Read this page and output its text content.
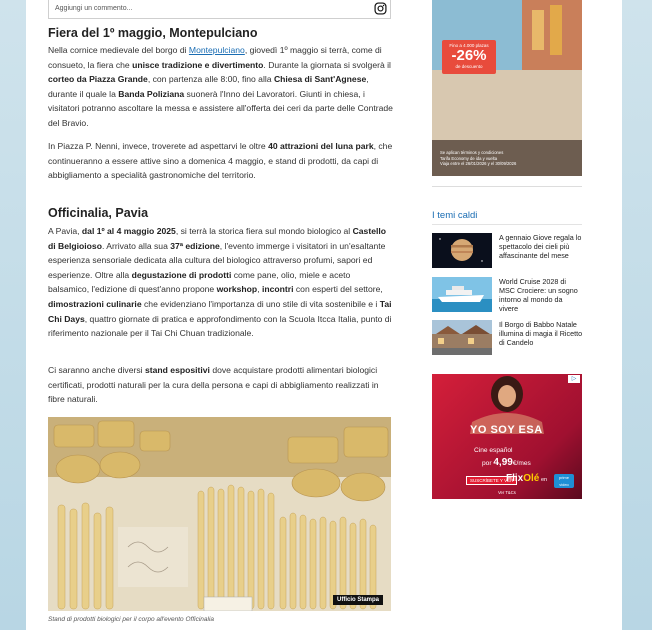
Aggiungi un commento...
Fiera del 1º maggio, Montepulciano

Nella cornice medievale del borgo di Montepulciano, giovedì 1º maggio si terrà, come di consueto, la fiera che unisce tradizione e divertimento. Durante la giornata si svolgerà il corteo da Piazza Grande, con partenza alle 8:00, fino alla Chiesa di Sant'Agnese, durante il quale la Banda Poliziana suonerà l'Inno dei Lavoratori. Giunti in chiesa, i visitatori potranno ascoltare la messa e assistere all'offerta dei ceri da parte delle Contrade del Bravio.

In Piazza P. Nenni, invece, troverete ad aspettarvi le oltre 40 attrazioni del luna park, che continueranno a essere attive sino a domenica 4 maggio, e stand di prodotti, da capi di abbigliamento a specialità gastronomiche del territorio.

Officinalia, Pavia

A Pavia, dal 1º al 4 maggio 2025, si terrà la storica fiera sul mondo biologico al Castello di Belgioioso. Arrivato alla sua 37ª edizione, l'evento immerge i visitatori in un'esaltante esperienza sensoriale dedicata alla cultura del biologico attraverso profumi, sapori ed esperienze. Oltre alla degustazione di prodotti come pane, olio, miele e aceto balsamico, l'edizione di quest'anno propone workshop, incontri con esperti del settore, dimostrazioni culinarie che evidenziano l'importanza di uno stile di vita sostenibile e i Tai Chi Days, quattro giornate di pratica e approfondimento con la Scuola Itcca Italia, punto di riferimento nazionale per il Tai Chi Chuan tradizionale.

Ci saranno anche diversi stand espositivi dove acquistare prodotti alimentari biologici certificati, prodotti naturali per la cura della persona e capi di abbigliamento realizzati in fibre naturali.

Ufficio Stampa
Stand di prodotti biologici per il corpo all'evento Officinalia
Fino a 4.000 plazas
-26%
de descuento
Se aplican términos y condiciones
Tarifa Economy de ida y vuelta
Viaja entre el 26/01/2026 y el 30/09/2026
I temi caldi
A gennaio Giove regala lo spettacolo dei cieli più affascinante del mese
World Cruise 2028 di MSC Crociere: un sogno intorno al mondo da vivere
Il Borgo di Babbo Natale illumina di magia il Ricetto di Candelo
▷
YO SOY ESA
Cine español
por 4,99€/mes
SUSCRÍBETE Y VER
FlixOlé en	prime video
Ver T&Cs
